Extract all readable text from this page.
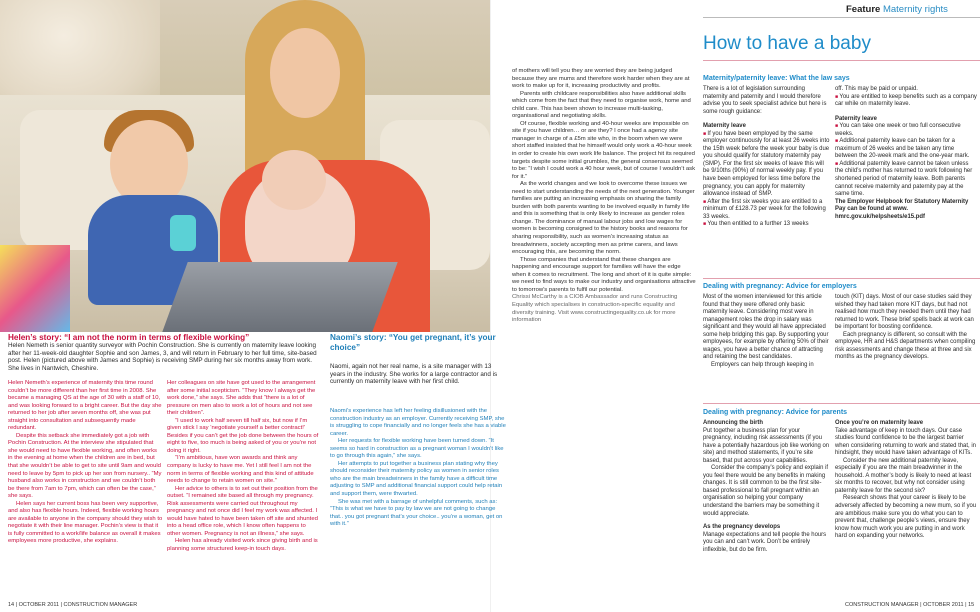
Helen’s story: “I am not the norm in terms of flexible working”
Helen Nemeth is senior quantity surveyor with Pochin Construction. She is currently on maternity leave looking after her 11-week-old daughter Sophie and son James, 3, and will return in February to her full time, site-based post. Helen (pictured above with James and Sophie) is receiving SMP during her six months away from work. She lives in Nantwich, Cheshire.

Helen Nemeth’s experience of maternity this time round couldn’t be more different than her first time in 2008. She became a managing QS at the age of 30 with a staff of 10, and was looking forward to a bright career. But the day she returned to her job after seven months off, she was put straight into consultation and subsequently made redundant.

Despite this setback she immediately got a job with Pochin Construction. At the interview she stipulated that she would need to have flexible working, and often works in the evening at home when the children are in bed, but that she wouldn’t be able to get to site until 9am and would need to leave by 5pm to pick up her son from nursery.. “My husband also works in construction and we couldn’t both be there from 7am to 7pm, which can often be the case,” she says.

Helen says her current boss has been very supportive, and also has flexible hours. Indeed, flexible working hours are available to anyone in the company should they wish to negotiate it with their line manager. Pochin’s view is that it is fully committed to a work/life balance as overall it makes employees more productive, she explains.

Her colleagues on site have got used to the arrangement after some initial scepticism. “They know I always get the work done,” she says. She adds that “there is a lot of pressure on men also to work a lot of hours and not see their children”.

“I used to work half seven till half six, but now if I’m given stick I say ‘negotiate yourself a better contract!’ Besides if you can’t get the job done between the hours of eight to five, too much is being asked of you or you’re not doing it right.

“I’m ambitious, have won awards and think any company is lucky to have me. Yet I still feel I am not the norm in terms of flexible working and this kind of attitude needs to change to retain women on site.”

Her advice to others is to set out their position from the outset. “I remained site based all through my pregnancy. Risk assessments were carried out throughout my pregnancy and not once did I feel my work was affected. I would have hated to have been taken off site and shunted into a head office role, which I know often happens to other women. Pregnancy is not an illness,” she says.

Helen has already visited work since giving birth and is planning some structured keep-in touch days.

Naomi’s story: “You get pregnant, it’s your choice”
Naomi, again not her real name, is a site manager with 13 years in the industry. She works for a large contractor and is currently on maternity leave with her first child.

Naomi’s experience has left her feeling disillusioned with the construction industry as an employer. Currently receiving SMP, she is struggling to cope financially and no longer feels she has a viable career.

Her requests for flexible working have been turned down. “It seems so hard in construction as a pregnant woman I wouldn’t like to go through this again,” she says.

Her attempts to put together a business plan stating why they should reconsider their maternity policy as women in senior roles who are the main breadwinners in the family have a difficult time adjusting to SMP and additional financial support could help retain and support them, were thwarted.

She was met with a barrage of unhelpful comments, such as: “This is what we have to pay by law we are not going to change that.. you got pregnant that’s your choice.. you’re a woman, get on with it.”

of mothers will tell you they are worried they are being judged because they are mums and therefore work harder when they are at work to make up for it, increasing productivity and profits.

Parents with childcare responsibilities also have additional skills which come from the fact that they need to organise work, home and child care. This has been shown to increase multi-tasking, organisational and negotiating skills.

Of course, flexible working and 40-hour weeks are impossible on site if you have children… or are they? I once had a agency site manager in charge of a £5m site who, in the boom when we were short staffed insisted that he himself would only work a 40-hour week in order to create his own work life balance. The project hit its required targets despite some initial grumbles, the general consensus seemed to be: “I wish I could work a 40 hour week, but of course I wouldn’t ask for it.”

As the world changes and we look to overcome these issues we need to start understanding the needs of the next generation. Younger families are putting an increasing emphasis on sharing the family burden with both parents wanting to be involved equally in family life and this is something that is only likely to increase as gender roles change. The dominance of manual labour jobs and low wages for women is becoming consigned to the history books and reasons for sharing responsibility, such as women’s increasing status as breadwinners, society accepting men as prime carers, and laws encouraging this, are becoming the norm.

Those companies that understand that these changes are happening and encourage support for families will have the edge when it comes to recruitment. The long and short of it is quite simple: we need to find ways to make our industry and organisations attractive to tomorrow’s parents to fulfil our potential.

Chrissi McCarthy is a CIOB Ambassador and runs Constructing Equality which specialises in construction-specific equality and diversity training. Visit www.constructingequality.co.uk for more information

14 | OCTOBER 2011 | CONSTRUCTION MANAGER
Feature Maternity rights
How to have a baby
Maternity/paternity leave: What the law says

There is a lot of legislation surrounding maternity and paternity and I would therefore advise you to seek specialist advice but here is some rough guidance:

Maternity leave

■ If you have been employed by the same employer continuously for at least 26 weeks into the 15th week before the week your baby is due you should qualify for statutory maternity pay (SMP). For the first six weeks of leave this will be 9/10ths (90%) of normal weekly pay. If you have been employed for less time before the pregnancy, you can apply for maternity allowance instead of SMP.

■ After the first six weeks you are entitled to a minimum of £128.73 per week for the following 33 weeks.

■ You then entitled to a further 13 weeks

off. This may be paid or unpaid.

■ You are entitled to keep benefits such as a company car while on maternity leave.

Paternity leave

■ You can take one week or two full consecutive weeks.

■ Additional paternity leave can be taken for a maximum of 26 weeks and be taken any time between the 20-week mark and the one-year mark.

■ Additional paternity leave cannot be taken unless the child’s mother has returned to work following her shortened period of maternity leave. Both parents cannot receive maternity and paternity pay at the same time.

The Employer Helpbook for Statutory Maternity Pay can be found at www. hmrc.gov.uk/helpsheets/e15.pdf

Dealing with pregnancy: Advice for employers

Most of the women interviewed for this article found that they were offered only basic maternity leave. Considering most were in management roles the drop in salary was significant and they would all have appreciated some help bridging this gap. By supporting your employees, for example by offering 50% of their wages, you have a better chance of attracting and retaining the best candidates.

Employers can help through keeping in

touch (KIT) days. Most of our case studies said they wished they had taken more KIT days, but had not realised how much they needed them until they had returned to work. These brief spells back at work can be important for boosting confidence.

Each pregnancy is different, so consult with the employee, HR and H&S departments when compiling risk assessments and change these at three and six months as the pregnancy develops.

Dealing with pregnancy: Advice for parents

Announcing the birth

Put together a business plan for your pregnancy, including risk assessments (if you have a potentially hazardous job like working on site) and method statements, if you’re site based, that put across your capabilities.

Consider the company’s policy and explain if you feel there would be any benefits in making changes. It is still common to be the first site-based professional to fall pregnant within an organisation so helping your company understand the barriers may be something it would appreciate.

As the pregnancy develops

Manage expectations and tell people the hours you can and can’t work. Don’t be entirely inflexible, but do be firm.

Once you’re on maternity leave

Take advantage of keep in touch days. Our case studies found confidence to be the largest barrier when considering returning to work and stated that, in hindsight, they would have taken advantage of KITs.

Consider the new additional paternity leave, especially if you are the main breadwinner in the household. A mother’s body is likely to need at least six months to recover, but why not consider using paternity leave for the second six?

Research shows that your career is likely to be adversely affected by becoming a new mum, so if you are ambitious make sure you do what you can to prevent that, challenge people’s views, ensure they know how much work you are putting in and work hard on expanding your networks.

CONSTRUCTION MANAGER | OCTOBER 2011 | 15
